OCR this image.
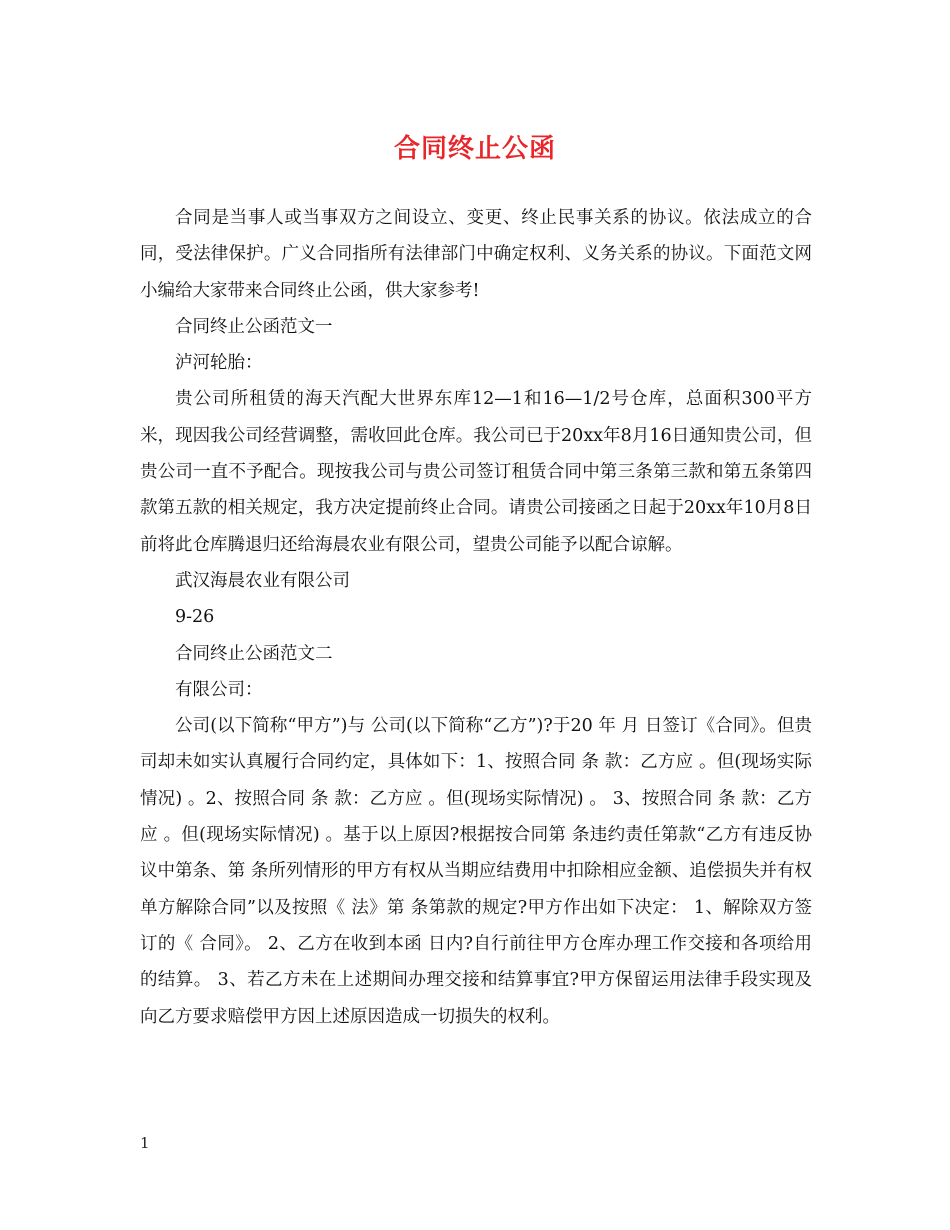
合同终止公函

合同是当事人或当事双方之间设立、变更、终止民事关系的协议。依法成立的合同，受法律保护。广义合同指所有法律部门中确定权利、义务关系的协议。下面范文网小编给大家带来合同终止公函，供大家参考!

合同终止公函范文一

泸河轮胎：

贵公司所租赁的海天汽配大世界东库12—1和16—1/2号仓库，总面积300平方米，现因我公司经营调整，需收回此仓库。我公司已于20xx年8月16日通知贵公司，但贵公司一直不予配合。现按我公司与贵公司签订租赁合同中第三条第三款和第五条第四款第五款的相关规定，我方决定提前终止合同。请贵公司接函之日起于20xx年10月8日前将此仓库腾退归还给海晨农业有限公司，望贵公司能予以配合谅解。

武汉海晨农业有限公司

9-26

合同终止公函范文二

有限公司：

公司(以下简称“甲方”)与 公司(以下简称“乙方”)?于20 年 月 日签订《合同》。但贵司却未如实认真履行合同约定，具体如下：1、按照合同 条 款：乙方应 。但(现场实际情况) 。2、按照合同 条 款：乙方应 。但(现场实际情况) 。 3、按照合同 条 款：乙方应 。但(现场实际情况) 。基于以上原因?根据按合同第 条违约责任第款“乙方有违反协议中第条、第 条所列情形的甲方有权从当期应结费用中扣除相应金额、追偿损失并有权单方解除合同”以及按照《 法》第 条第款的规定?甲方作出如下决定： 1、解除双方签订的《 合同》。 2、乙方在收到本函 日内?自行前往甲方仓库办理工作交接和各项给用的结算。 3、若乙方未在上述期间办理交接和结算事宜?甲方保留运用法律手段实现及向乙方要求赔偿甲方因上述原因造成一切损失的权利。

1
